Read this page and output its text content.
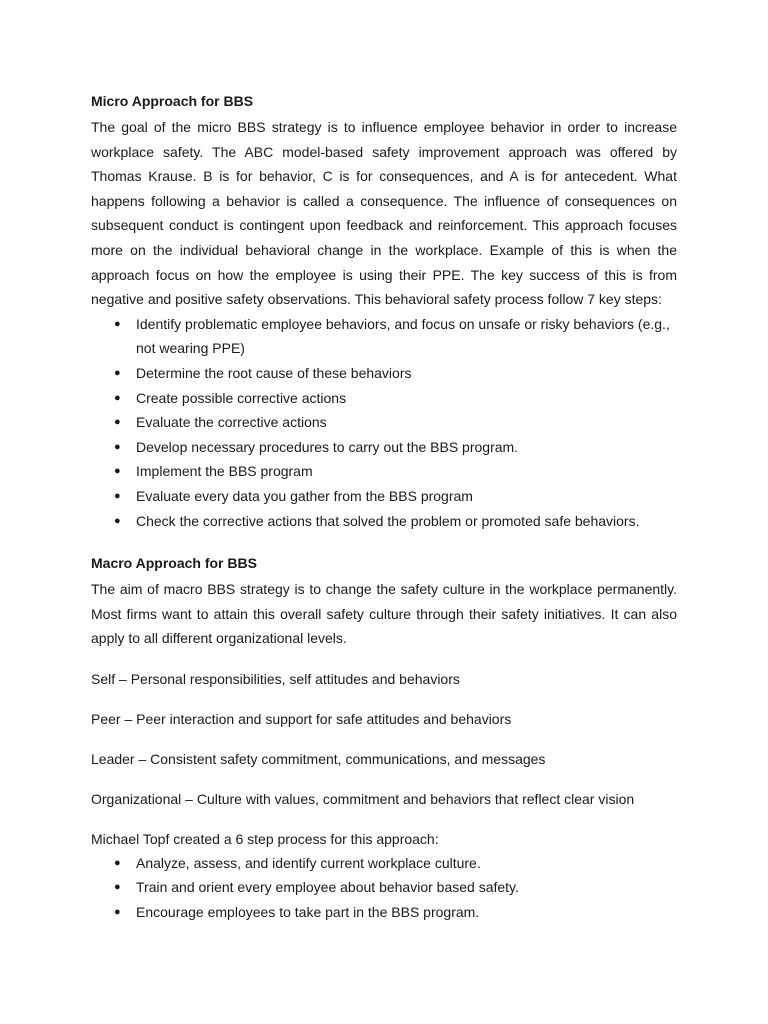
Micro Approach for BBS

The goal of the micro BBS strategy is to influence employee behavior in order to increase workplace safety. The ABC model-based safety improvement approach was offered by Thomas Krause. B is for behavior, C is for consequences, and A is for antecedent. What happens following a behavior is called a consequence. The influence of consequences on subsequent conduct is contingent upon feedback and reinforcement. This approach focuses more on the individual behavioral change in the workplace. Example of this is when the approach focus on how the employee is using their PPE. The key success of this is from negative and positive safety observations. This behavioral safety process follow 7 key steps:

● Identify problematic employee behaviors, and focus on unsafe or risky behaviors (e.g., not wearing PPE)
● Determine the root cause of these behaviors
● Create possible corrective actions
● Evaluate the corrective actions
● Develop necessary procedures to carry out the BBS program.
● Implement the BBS program
● Evaluate every data you gather from the BBS program
● Check the corrective actions that solved the problem or promoted safe behaviors.

Macro Approach for BBS

The aim of macro BBS strategy is to change the safety culture in the workplace permanently. Most firms want to attain this overall safety culture through their safety initiatives. It can also apply to all different organizational levels.

Self – Personal responsibilities, self attitudes and behaviors

Peer – Peer interaction and support for safe attitudes and behaviors

Leader – Consistent safety commitment, communications, and messages

Organizational – Culture with values, commitment and behaviors that reflect clear vision

Michael Topf created a 6 step process for this approach:

● Analyze, assess, and identify current workplace culture.
● Train and orient every employee about behavior based safety.
● Encourage employees to take part in the BBS program.
